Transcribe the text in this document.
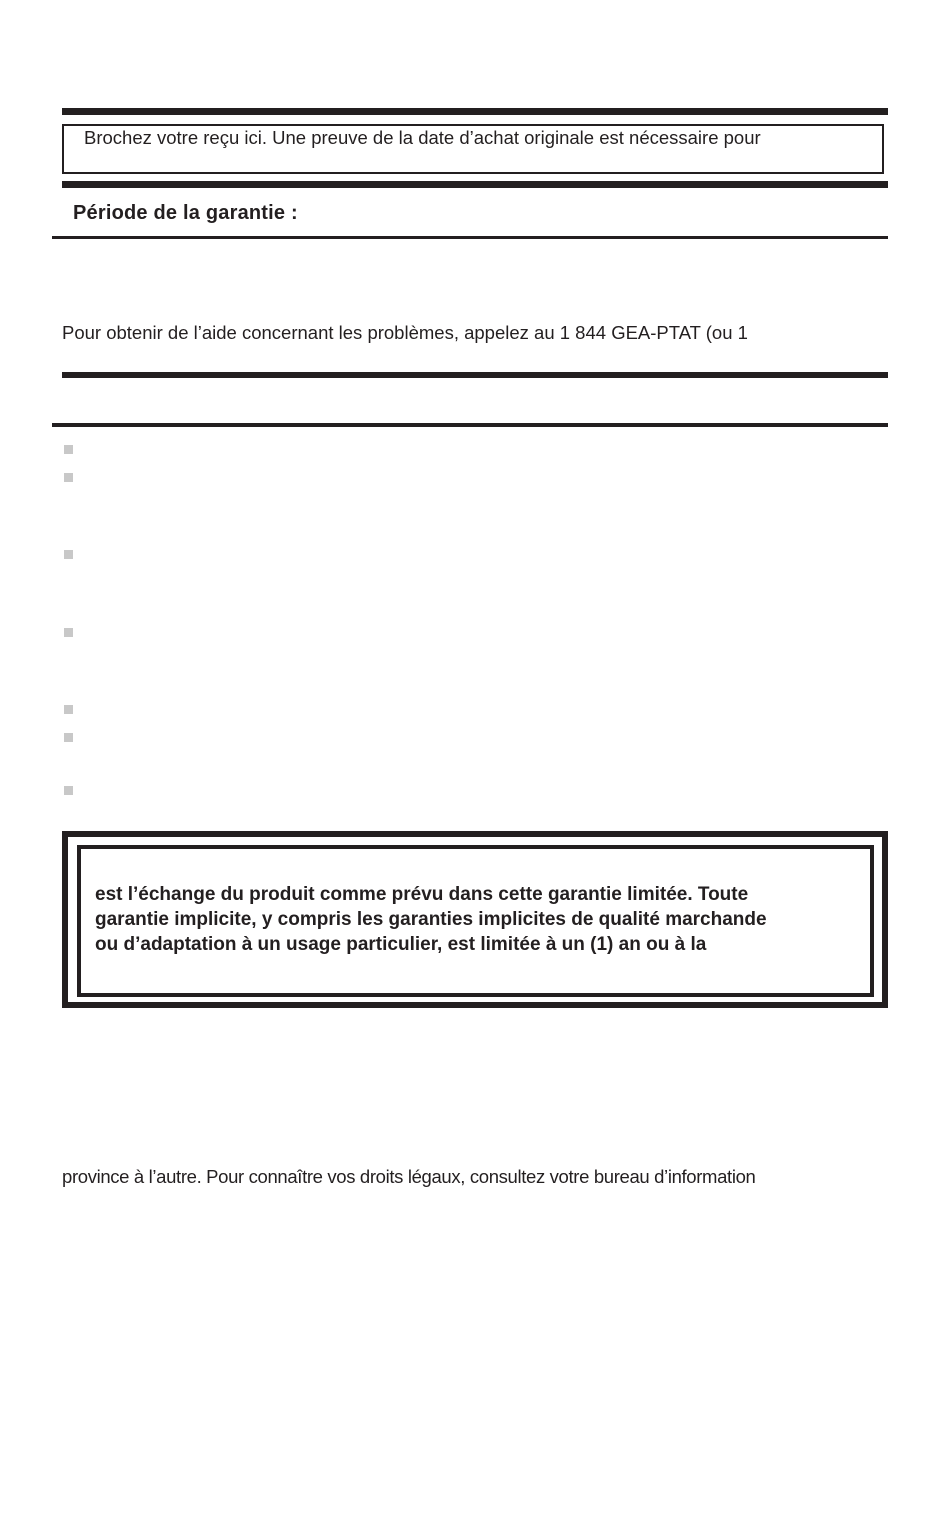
Brochez votre reçu ici. Une preuve de la date d’achat originale est nécessaire pour
Période de la garantie :
Pour obtenir de l’aide concernant les problèmes, appelez au 1 844 GEA-PTAT (ou 1
est l’échange du produit comme prévu dans cette garantie limitée. Toute
garantie implicite, y compris les garanties implicites de qualité marchande
ou d’adaptation à un usage particulier, est limitée à un (1) an ou à la
province à l’autre. Pour connaître vos droits légaux, consultez votre bureau d’information
